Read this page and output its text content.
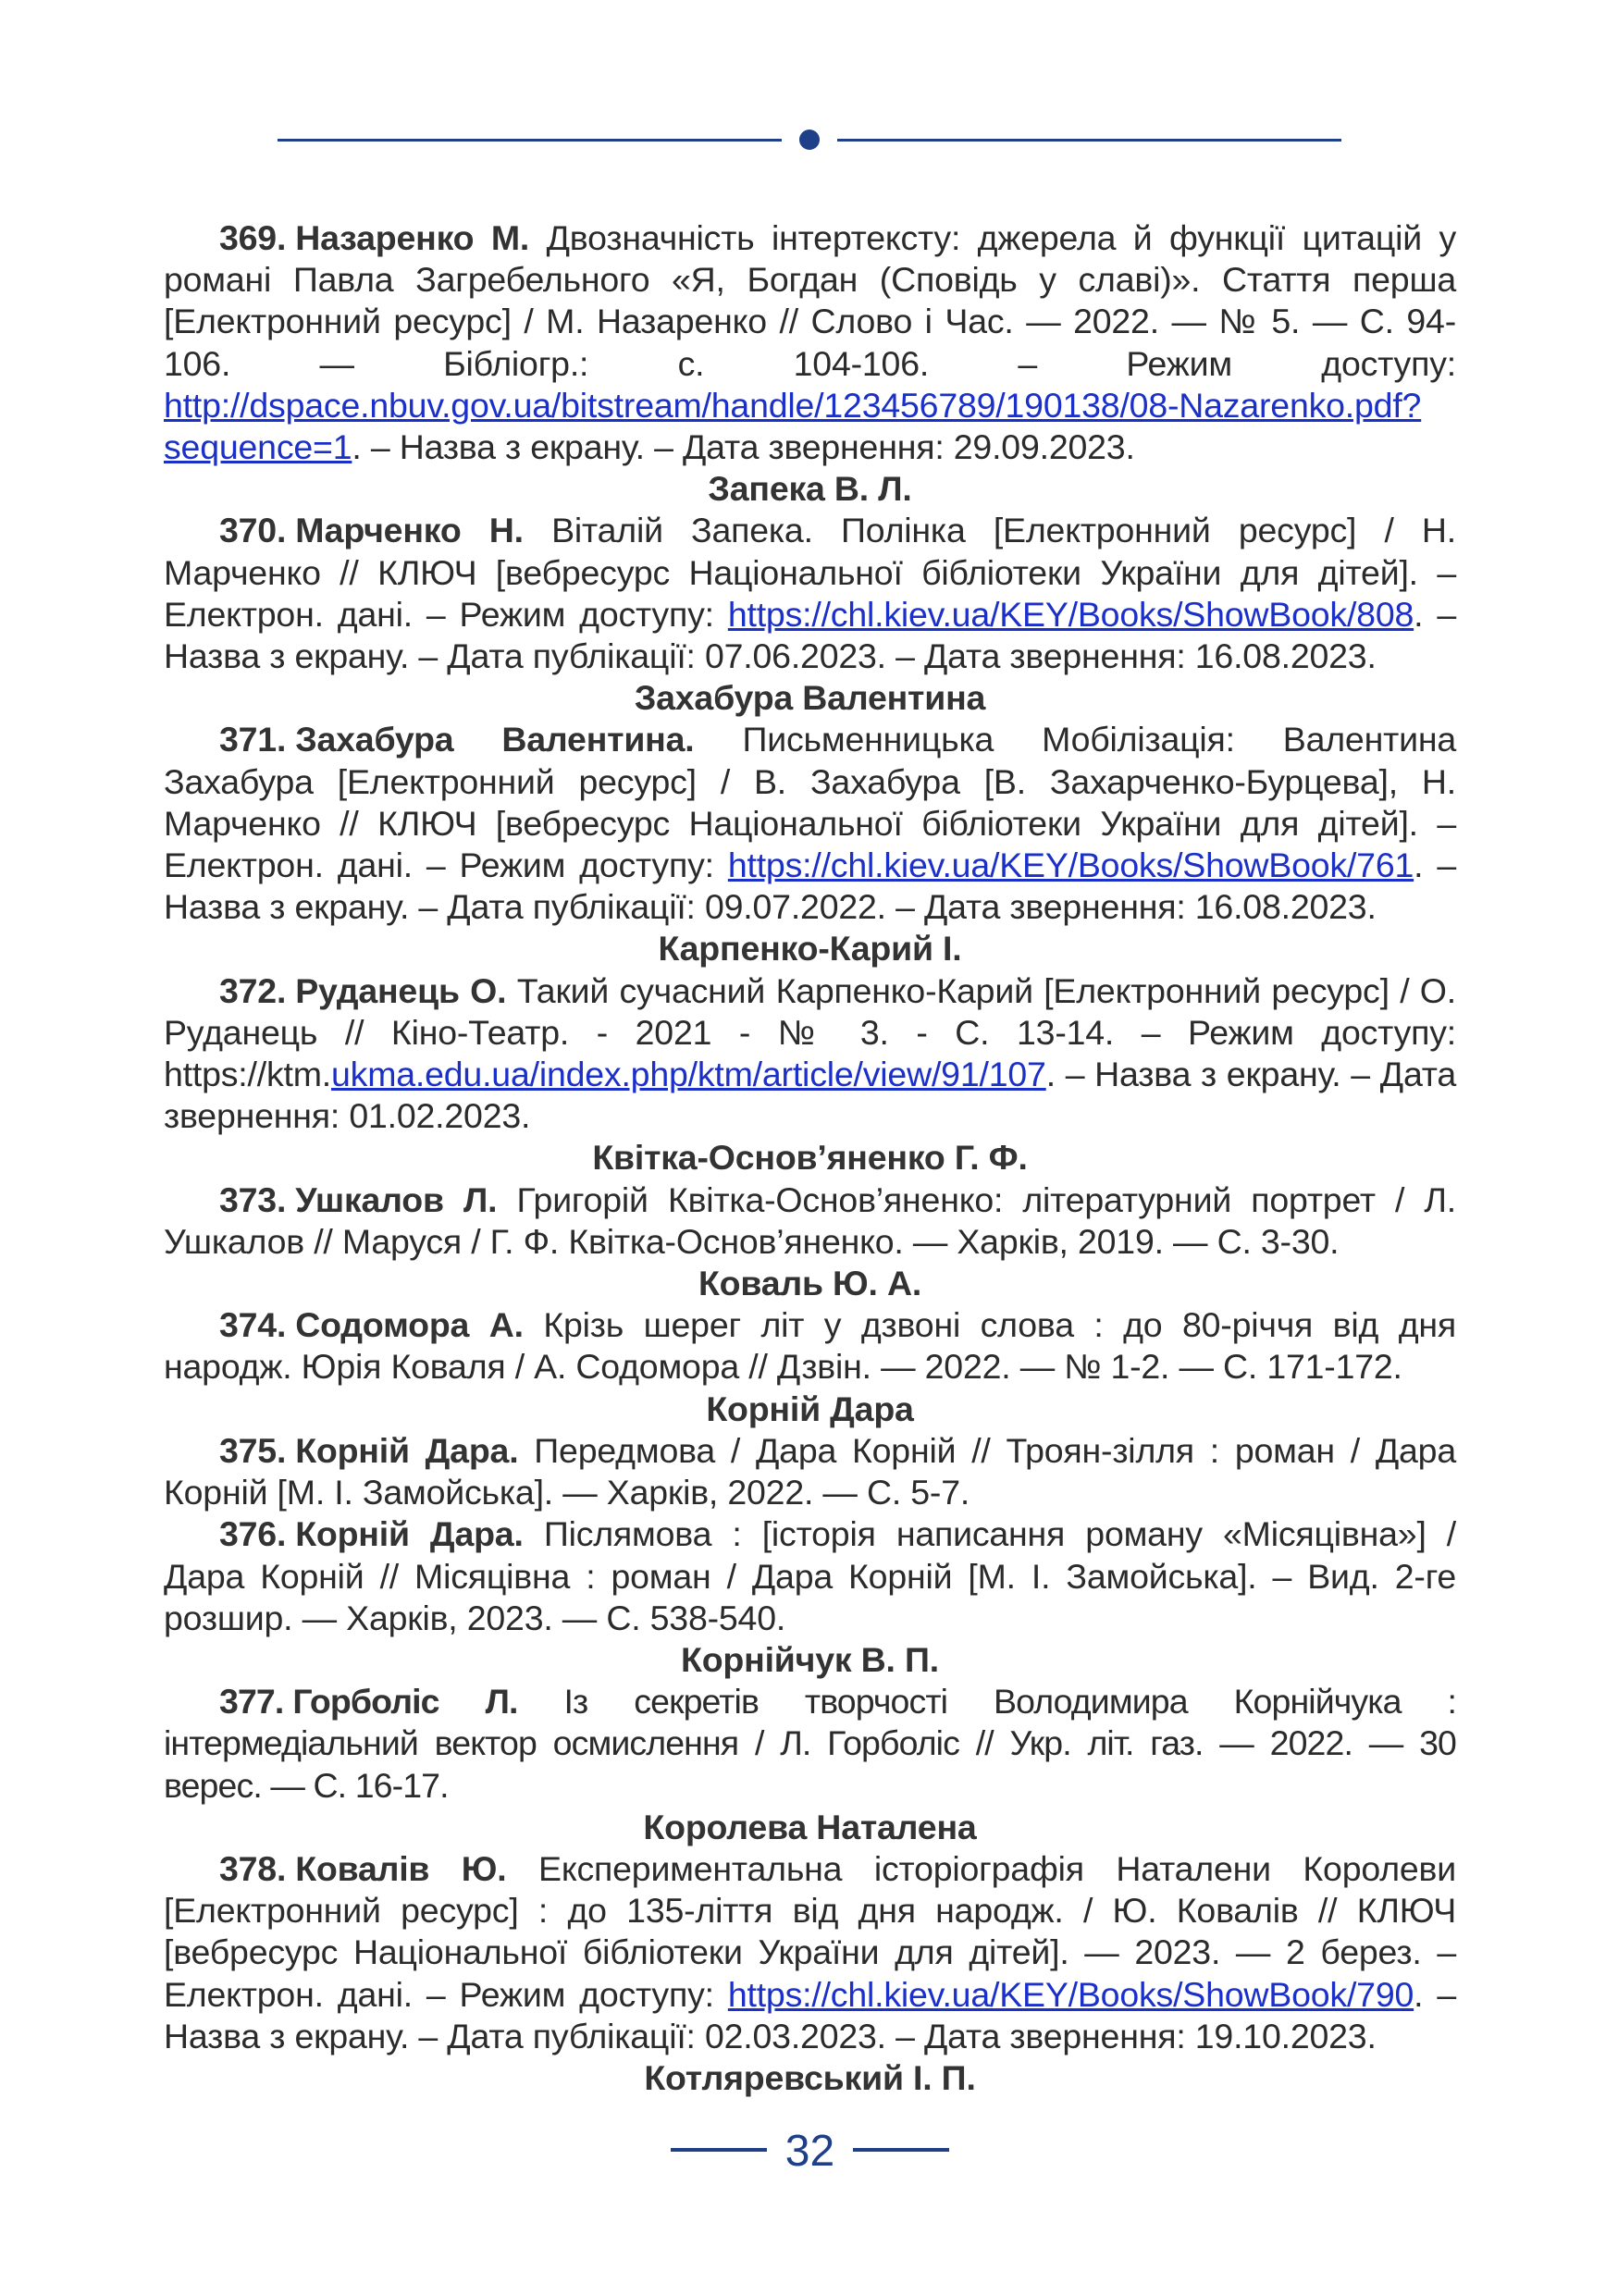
369. Назаренко М. Двозначність інтертексту: джерела й функції цитацій у романі Павла Загребельного «Я, Богдан (Сповідь у славі)». Стаття перша [Електронний ресурс] / М. Назаренко // Слово і Час. — 2022. — № 5. — С. 94-106. — Бібліогр.: с. 104-106. – Режим доступу: http://dspace.nbuv.gov.ua/bitstream/handle/123456789/190138/08-Nazarenko.pdf?sequence=1. – Назва з екрану. – Дата звернення: 29.09.2023.

Запека В. Л.

370. Марченко Н. Віталій Запека. Полінка [Електронний ресурс] / Н. Марченко // КЛЮЧ [вебресурс Національної бібліотеки України для дітей]. – Електрон. дані. – Режим доступу: https://chl.kiev.ua/KEY/Books/ShowBook/808. – Назва з екрану. – Дата публікації: 07.06.2023. – Дата звернення: 16.08.2023.

Захабура Валентина

371. Захабура Валентина. Письменницька Мобілізація: Валентина Захабура [Електронний ресурс] / В. Захабура [В. Захарченко-Бурцева], Н. Марченко // КЛЮЧ [вебресурс Національної бібліотеки України для дітей]. – Електрон. дані. – Режим доступу: https://chl.kiev.ua/KEY/Books/ShowBook/761. – Назва з екрану. – Дата публікації: 09.07.2022. – Дата звернення: 16.08.2023.

Карпенко-Карий І.

372. Руданець О. Такий сучасний Карпенко-Карий [Електронний ресурс] / О. Руданець // Кіно-Театр. - 2021 - № 3. - С. 13-14. – Режим доступу: https://ktm.ukma.edu.ua/index.php/ktm/article/view/91/107. – Назва з екрану. – Дата звернення: 01.02.2023.

Квітка-Основ’яненко Г. Ф.

373. Ушкалов Л. Григорій Квітка-Основ’яненко: літературний портрет / Л. Ушкалов // Маруся / Г. Ф. Квітка-Основ’яненко. — Харків, 2019. — С. 3-30.

Коваль Ю. А.

374. Содомора А. Крізь шерег літ у дзвоні слова : до 80-річчя від дня народж. Юрія Коваля / А. Содомора // Дзвін. — 2022. — № 1-2. — С. 171-172.

Корній Дара

375. Корній Дара. Передмова / Дара Корній // Троян-зілля : роман / Дара Корній [М. І. Замойська]. — Харків, 2022. — С. 5-7.

376. Корній Дара. Післямова : [історія написання роману «Місяцівна»] / Дара Корній // Місяцівна : роман / Дара Корній [М. І. Замойська]. – Вид. 2-ге розшир. — Харків, 2023. — С. 538-540.

Корнійчук В. П.

377. Горболіс Л. Із секретів творчості Володимира Корнійчука : інтермедіальний вектор осмислення / Л. Горболіс // Укр. літ. газ. — 2022. — 30 верес. — С. 16-17.

Королева Наталена

378. Ковалів Ю. Експериментальна історіографія Наталени Королеви [Електронний ресурс] : до 135-ліття від дня народж. / Ю. Ковалів // КЛЮЧ [вебресурс Національної бібліотеки України для дітей]. — 2023. — 2 берез. – Електрон. дані. – Режим доступу: https://chl.kiev.ua/KEY/Books/ShowBook/790. – Назва з екрану. – Дата публікації: 02.03.2023. – Дата звернення: 19.10.2023.

Котляревський І. П.

32
